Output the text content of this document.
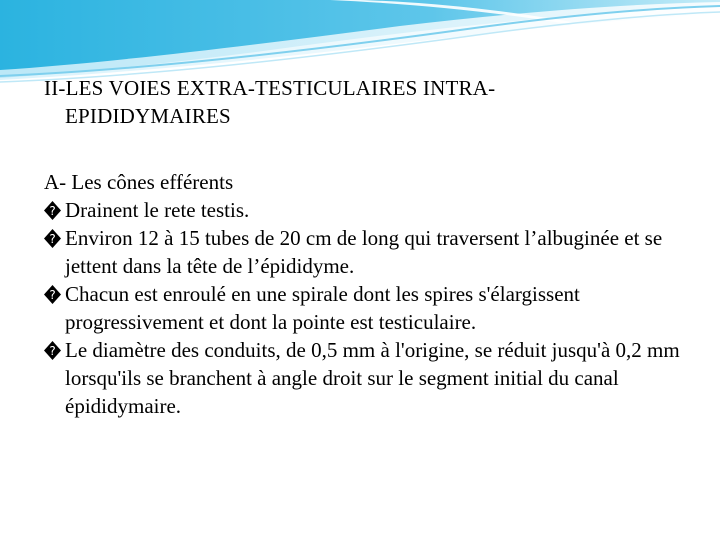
II-LES VOIES EXTRA-TESTICULAIRES INTRA-
EPIDIDYMAIRES
A- Les cônes efférents
? Drainent le rete testis.
? Environ 12 à 15 tubes de 20 cm de long qui traversent l’albuginée et se jettent dans la tête de l’épididyme.
? Chacun est enroulé en une spirale dont les spires s'élargissent progressivement et dont la pointe est testiculaire.
? Le diamètre des conduits, de 0,5 mm à l'origine, se réduit jusqu'à 0,2 mm lorsqu'ils se branchent à angle droit sur le segment initial du canal épididymaire.
